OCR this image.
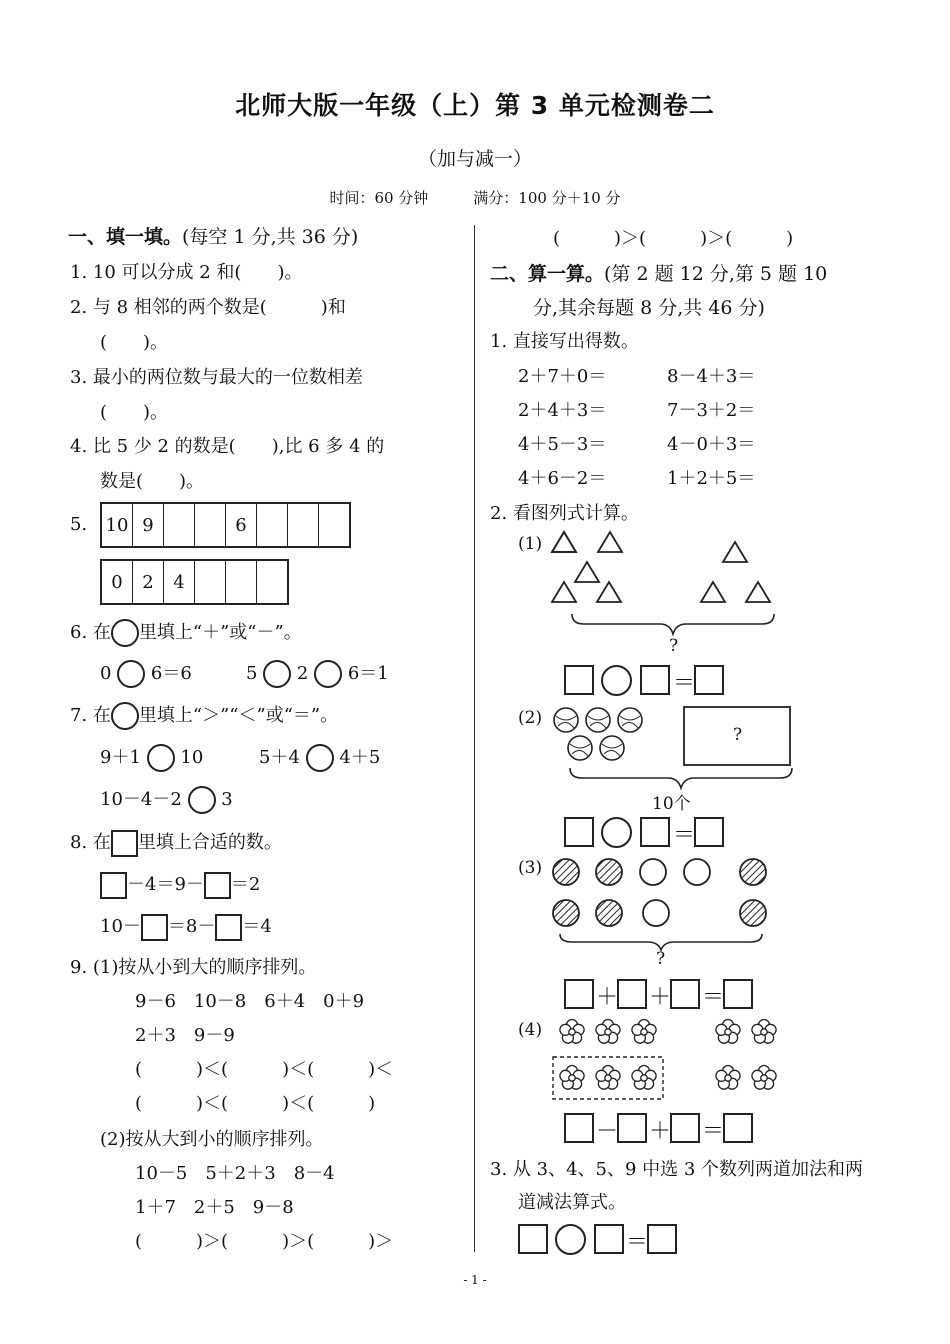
北师大版一年级（上）第 3 单元检测卷二
（加与减一）
时间：60 分钟　　　满分：100 分＋10 分
一、填一填。(每空 1 分,共 36 分)
1. 10 可以分成 2 和(　　)。
2. 与 8 相邻的两个数是(　　　)和
(　　)。
3. 最小的两位数与最大的一位数相差
(　　)。
4. 比 5 少 2 的数是(　　),比 6 多 4 的
数是(　　)。
5. 10	9			6			
0	2	4			
6. 在 里填上“＋”或“－”。
0 6＝6	5 2 6＝1
7. 在 里填上“＞”“＜”或“＝”。
9＋1 10	5＋4 4＋5
10－4－2 3
8. 在 里填上合适的数。
－4＝9－ ＝2
10－ ＝8－ ＝4
9. (1)按从小到大的顺序排列。
9－6　10－8　6＋4　0＋9
2＋3　9－9
(　　　)＜(　　　)＜(　　　)＜
(　　　)＜(　　　)＜(　　　)
(2)按从大到小的顺序排列。
10－5　5＋2＋3　8－4
1＋7　2＋5　9－8
(　　　)＞(　　　)＞(　　　)＞
(　　　)＞(　　　)＞(　　　)
二、算一算。(第 2 题 12 分,第 5 题 10
分,其余每题 8 分,共 46 分)
1. 直接写出得数。
2＋7＋0＝	8－4＋3＝
2＋4＋3＝	7－3＋2＝
4＋5－3＝	4－0＋3＝
4＋6－2＝	1＋2＋5＝
2. 看图列式计算。
(1)
?
＝
(2)
?
10个
＝
(3)
?
＋ ＋ ＝
(4)
－ ＋ ＝
3. 从 3、4、5、9 中选 3 个数列两道加法和两
道减法算式。
＝
- 1 -
